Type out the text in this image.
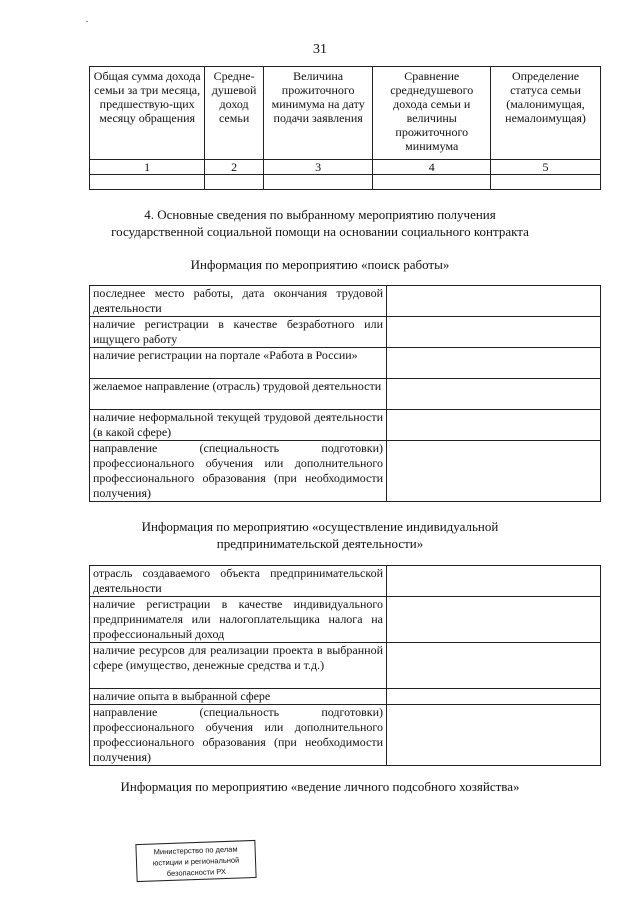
31
Общая сумма дохода семьи за три месяца, предшествую-щих месяцу обращения	Средне-душевой доход семьи	Величина прожиточного минимума на дату подачи заявления	Сравнение среднедушевого дохода семьи и величины прожиточного минимума	Определение статуса семьи (малонимущая, немалоимущая)
1	2	3	4	5

4. Основные сведения по выбранному мероприятию получения
государственной социальной помощи на основании социального контракта
Информация по мероприятию «поиск работы»
последнее место работы, дата окончания трудовой деятельности	
наличие регистрации в качестве безработного или ищущего работу	
наличие регистрации на портале «Работа в России»	
желаемое направление (отрасль) трудовой деятельности	
наличие неформальной текущей трудовой деятельности (в какой сфере)	
направление (специальность подготовки) профессионального обучения или дополнительного профессионального образования (при необходимости получения)	
Информация по мероприятию «осуществление индивидуальной
предпринимательской деятельности»
отрасль создаваемого объекта предпринимательской деятельности	
наличие регистрации в качестве индивидуального предпринимателя или налогоплательщика налога на профессиональный доход	
наличие ресурсов для реализации проекта в выбранной сфере (имущество, денежные средства и т.д.)	
наличие опыта в выбранной сфере	
направление (специальность подготовки) профессионального обучения или дополнительного профессионального образования (при необходимости получения)	
Информация по мероприятию «ведение личного подсобного хозяйства»
Министерство по делам
юстиции и региональной
безопасности РХ
